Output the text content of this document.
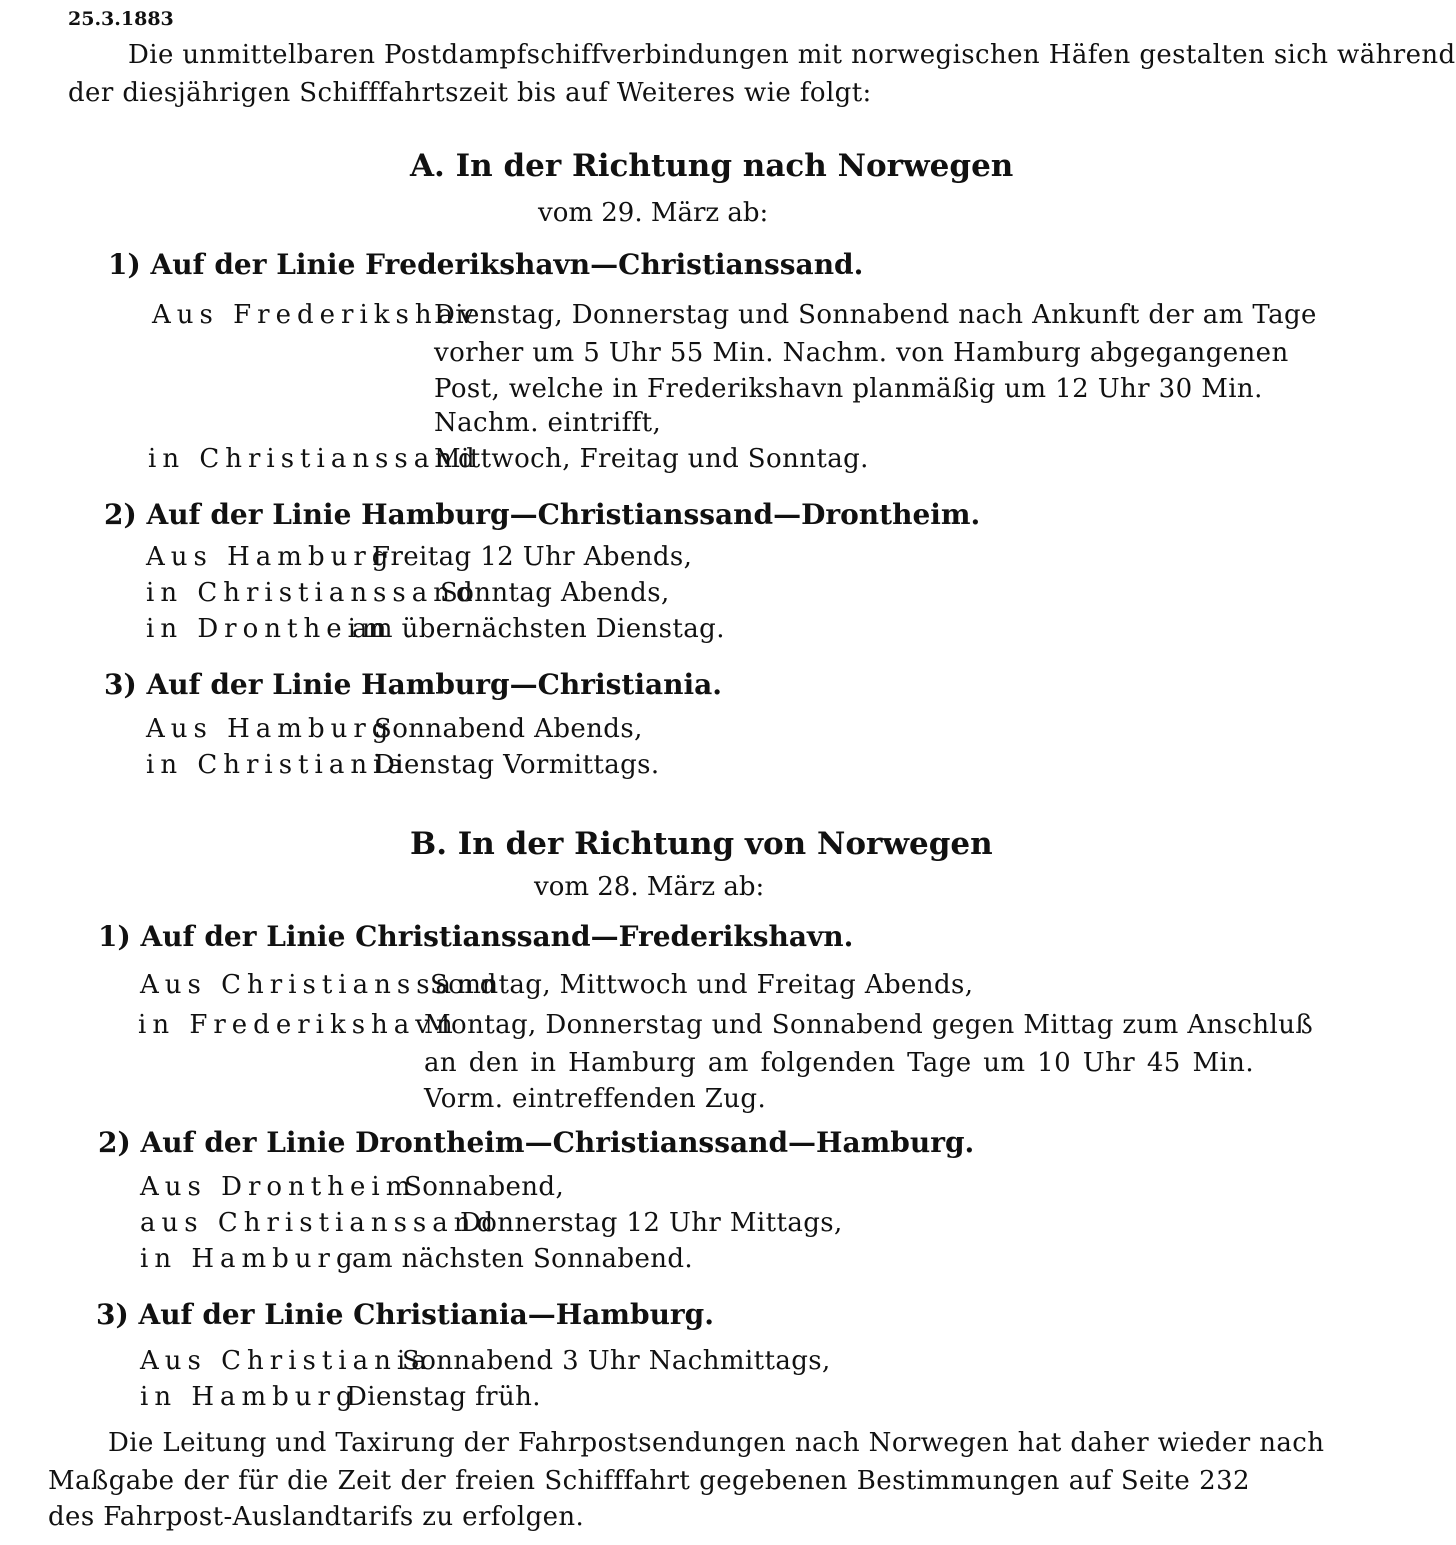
25.3.1883
Die unmittelbaren Postdampfschiffverbindungen mit norwegischen Häfen gestalten sich während
der diesjährigen Schifffahrtszeit bis auf Weiteres wie folgt:
A. In der Richtung nach Norwegen
vom 29. März ab:
1) Auf der Linie Frederikshavn—Christianssand.
Aus Frederikshavn
Dienstag, Donnerstag und Sonnabend nach Ankunft der am Tage
vorher um 5 Uhr 55 Min. Nachm. von Hamburg abgegangenen
Post, welche in Frederikshavn planmäßig um 12 Uhr 30 Min.
Nachm. eintrifft,
in Christianssand
Mittwoch, Freitag und Sonntag.
2) Auf der Linie Hamburg—Christianssand—Drontheim.
Aus Hamburg
Freitag 12 Uhr Abends,
in Christianssand
Sonntag Abends,
in Drontheim
am übernächsten Dienstag.
3) Auf der Linie Hamburg—Christiania.
Aus Hamburg
Sonnabend Abends,
in Christiania
Dienstag Vormittags.
B. In der Richtung von Norwegen
vom 28. März ab:
1) Auf der Linie Christianssand—Frederikshavn.
Aus Christianssand
Sonntag, Mittwoch und Freitag Abends,
in Frederikshavn
Montag, Donnerstag und Sonnabend gegen Mittag zum Anschluß
an den in Hamburg am folgenden Tage um 10 Uhr 45 Min.
Vorm. eintreffenden Zug.
2) Auf der Linie Drontheim—Christianssand—Hamburg.
Aus Drontheim
Sonnabend,
aus Christianssand
Donnerstag 12 Uhr Mittags,
in Hamburg
am nächsten Sonnabend.
3) Auf der Linie Christiania—Hamburg.
Aus Christiania
Sonnabend 3 Uhr Nachmittags,
in Hamburg
Dienstag früh.
Die Leitung und Taxirung der Fahrpostsendungen nach Norwegen hat daher wieder nach
Maßgabe der für die Zeit der freien Schifffahrt gegebenen Bestimmungen auf Seite 232
des Fahrpost-Auslandtarifs zu erfolgen.
